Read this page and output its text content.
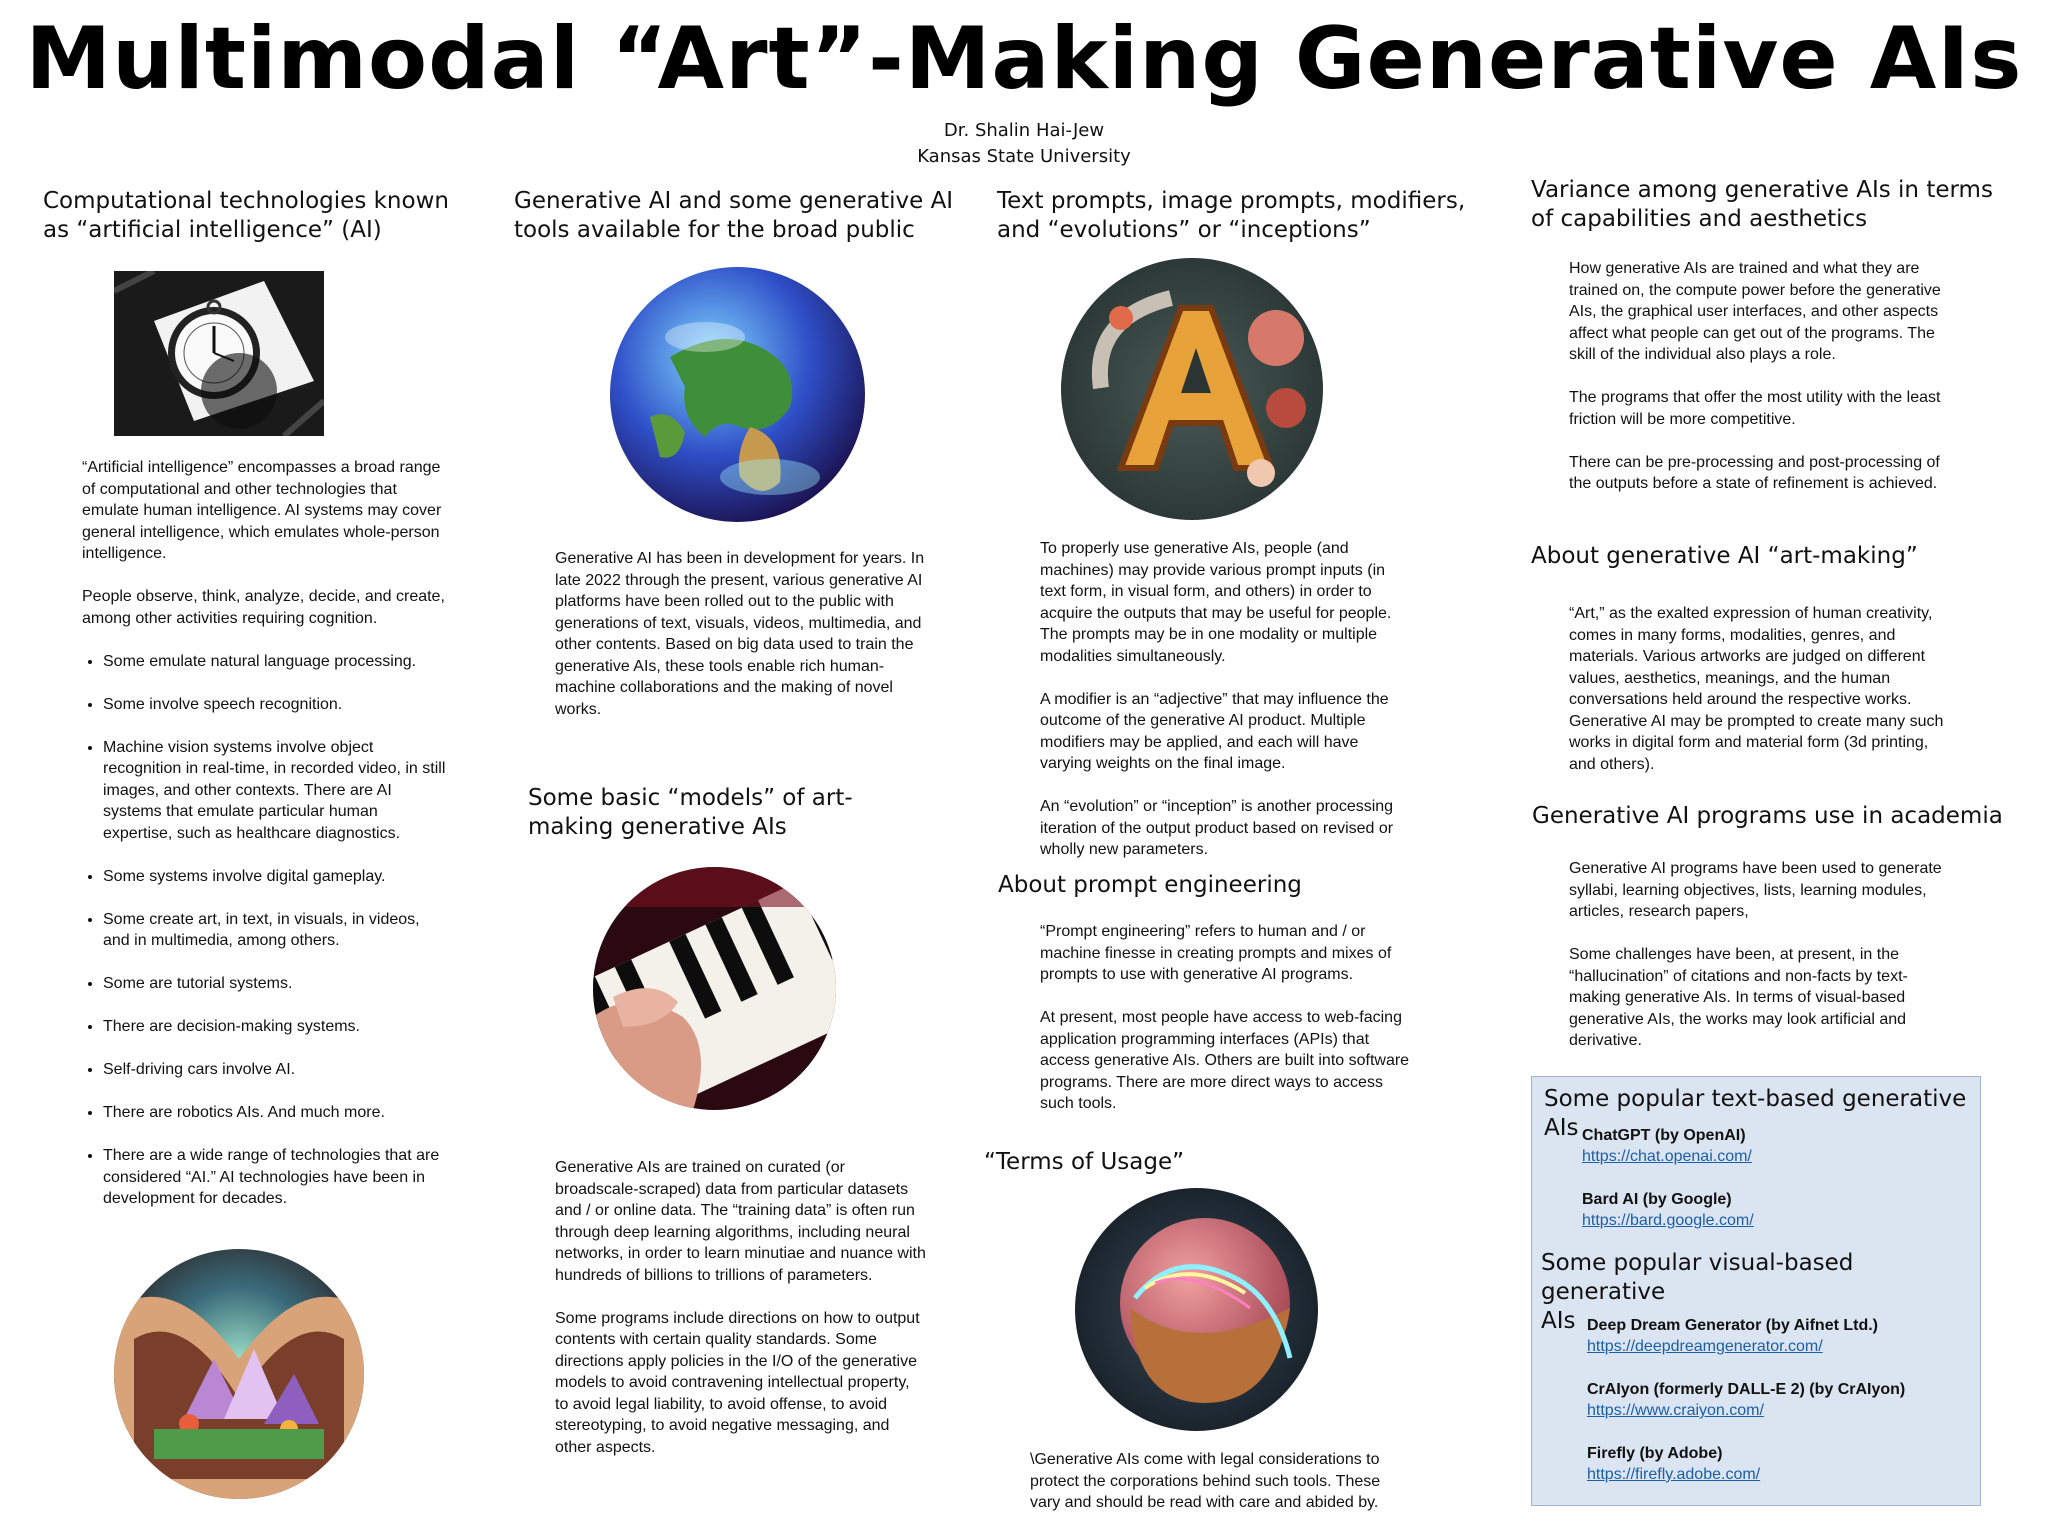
Multimodal “Art”-Making Generative AIs
Dr. Shalin Hai-Jew
Kansas State University
Computational technologies known
as “artificial intelligence” (AI)

“Artificial intelligence” encompasses a broad range of computational and other technologies that emulate human intelligence. AI systems may cover general intelligence, which emulates whole-person intelligence.

People observe, think, analyze, decide, and create, among other activities requiring cognition.

• Some emulate natural language processing.
• Some involve speech recognition.
• Machine vision systems involve object recognition in real-time, in recorded video, in still images, and other contexts. There are AI systems that emulate particular human expertise, such as healthcare diagnostics.
• Some systems involve digital gameplay.
• Some create art, in text, in visuals, in videos, and in multimedia, among others.
• Some are tutorial systems.
• There are decision-making systems.
• Self-driving cars involve AI.
• There are robotics AIs. And much more.
• There are a wide range of technologies that are considered “AI.” AI technologies have been in development for decades.
Generative AI and some generative AI
tools available for the broad public

Generative AI has been in development for years. In late 2022 through the present, various generative AI platforms have been rolled out to the public with generations of text, visuals, videos, multimedia, and other contents. Based on big data used to train the generative AIs, these tools enable rich human-machine collaborations and the making of novel works.

Some basic “models” of art-
making generative AIs

Generative AIs are trained on curated (or broadscale-scraped) data from particular datasets and / or online data. The “training data” is often run through deep learning algorithms, including neural networks, in order to learn minutiae and nuance with hundreds of billions to trillions of parameters.

Some programs include directions on how to output contents with certain quality standards. Some directions apply policies in the I/O of the generative models to avoid contravening intellectual property, to avoid legal liability, to avoid offense, to avoid stereotyping, to avoid negative messaging, and other aspects.

Text prompts, image prompts, modifiers,
and “evolutions” or “inceptions”

To properly use generative AIs, people (and machines) may provide various prompt inputs (in text form, in visual form, and others) in order to acquire the outputs that may be useful for people. The prompts may be in one modality or multiple modalities simultaneously.

A modifier is an “adjective” that may influence the outcome of the generative AI product. Multiple modifiers may be applied, and each will have varying weights on the final image.

An “evolution” or “inception” is another processing iteration of the output product based on revised or wholly new parameters.

About prompt engineering

“Prompt engineering” refers to human and / or machine finesse in creating prompts and mixes of prompts to use with generative AI programs.

At present, most people have access to web-facing application programming interfaces (APIs) that access generative AIs. Others are built into software programs. There are more direct ways to access such tools.

“Terms of Usage”

\Generative AIs come with legal considerations to protect the corporations behind such tools. These vary and should be read with care and abided by.

Variance among generative AIs in terms
of capabilities and aesthetics

How generative AIs are trained and what they are trained on, the compute power before the generative AIs, the graphical user interfaces, and other aspects affect what people can get out of the programs. The skill of the individual also plays a role.

The programs that offer the most utility with the least friction will be more competitive.

There can be pre-processing and post-processing of the outputs before a state of refinement is achieved.

About generative AI “art-making”

“Art,” as the exalted expression of human creativity, comes in many forms, modalities, genres, and materials. Various artworks are judged on different values, aesthetics, meanings, and the human conversations held around the respective works. Generative AI may be prompted to create many such works in digital form and material form (3d printing, and others).

Generative AI programs use in academia

Generative AI programs have been used to generate syllabi, learning objectives, lists, learning modules, articles, research papers,

Some challenges have been, at present, in the “hallucination” of citations and non-facts by text-making generative AIs. In terms of visual-based generative AIs, the works may look artificial and derivative.

Some popular text-based generative AIs ChatGPT (by OpenAI)
https://chat.openai.com/
Bard AI (by Google)
https://bard.google.com/
Some popular visual-based generative
AIs Deep Dream Generator (by Aifnet Ltd.)
https://deepdreamgenerator.com/
CrAIyon (formerly DALL-E 2) (by CrAIyon)
https://www.craiyon.com/
Firefly (by Adobe)
https://firefly.adobe.com/
